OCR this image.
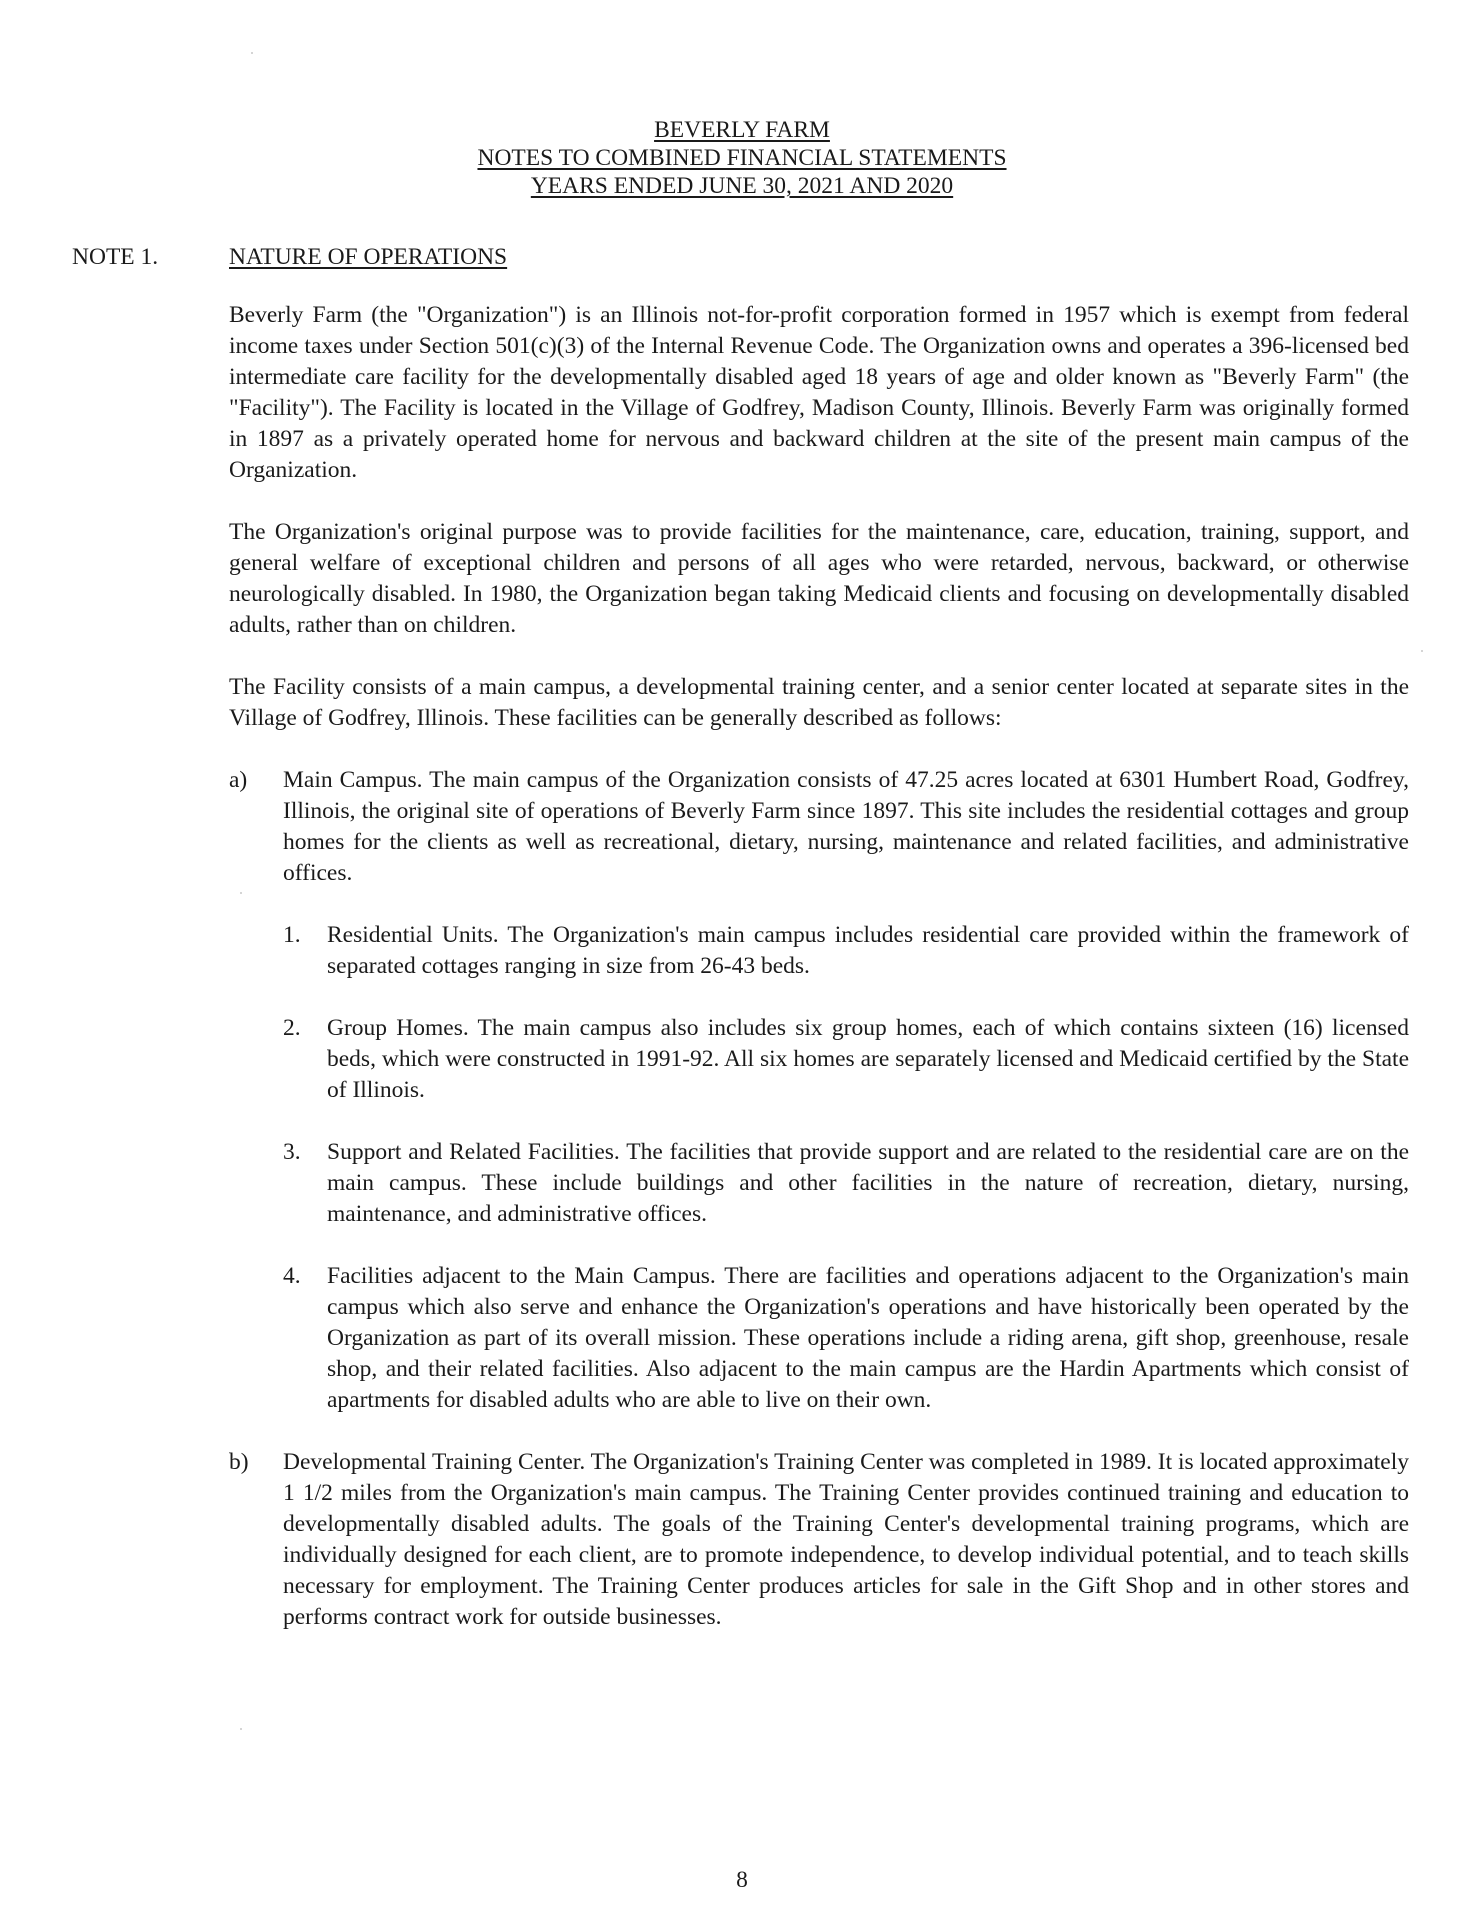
BEVERLY FARM
NOTES TO COMBINED FINANCIAL STATEMENTS
YEARS ENDED JUNE 30, 2021 AND 2020
NOTE 1.	NATURE OF OPERATIONS

Beverly Farm (the "Organization") is an Illinois not-for-profit corporation formed in 1957 which is exempt from federal income taxes under Section 501(c)(3) of the Internal Revenue Code. The Organization owns and operates a 396-licensed bed intermediate care facility for the developmentally disabled aged 18 years of age and older known as "Beverly Farm" (the "Facility"). The Facility is located in the Village of Godfrey, Madison County, Illinois. Beverly Farm was originally formed in 1897 as a privately operated home for nervous and backward children at the site of the present main campus of the Organization.

The Organization's original purpose was to provide facilities for the maintenance, care, education, training, support, and general welfare of exceptional children and persons of all ages who were retarded, nervous, backward, or otherwise neurologically disabled. In 1980, the Organization began taking Medicaid clients and focusing on developmentally disabled adults, rather than on children.

The Facility consists of a main campus, a developmental training center, and a senior center located at separate sites in the Village of Godfrey, Illinois. These facilities can be generally described as follows:

a) Main Campus. The main campus of the Organization consists of 47.25 acres located at 6301 Humbert Road, Godfrey, Illinois, the original site of operations of Beverly Farm since 1897. This site includes the residential cottages and group homes for the clients as well as recreational, dietary, nursing, maintenance and related facilities, and administrative offices.
1. Residential Units. The Organization's main campus includes residential care provided within the framework of separated cottages ranging in size from 26-43 beds.
2. Group Homes. The main campus also includes six group homes, each of which contains sixteen (16) licensed beds, which were constructed in 1991-92. All six homes are separately licensed and Medicaid certified by the State of Illinois.
3. Support and Related Facilities. The facilities that provide support and are related to the residential care are on the main campus. These include buildings and other facilities in the nature of recreation, dietary, nursing, maintenance, and administrative offices.
4. Facilities adjacent to the Main Campus. There are facilities and operations adjacent to the Organization's main campus which also serve and enhance the Organization's operations and have historically been operated by the Organization as part of its overall mission. These operations include a riding arena, gift shop, greenhouse, resale shop, and their related facilities. Also adjacent to the main campus are the Hardin Apartments which consist of apartments for disabled adults who are able to live on their own.
b) Developmental Training Center. The Organization's Training Center was completed in 1989. It is located approximately 1 1/2 miles from the Organization's main campus. The Training Center provides continued training and education to developmentally disabled adults. The goals of the Training Center's developmental training programs, which are individually designed for each client, are to promote independence, to develop individual potential, and to teach skills necessary for employment. The Training Center produces articles for sale in the Gift Shop and in other stores and performs contract work for outside businesses.
8
